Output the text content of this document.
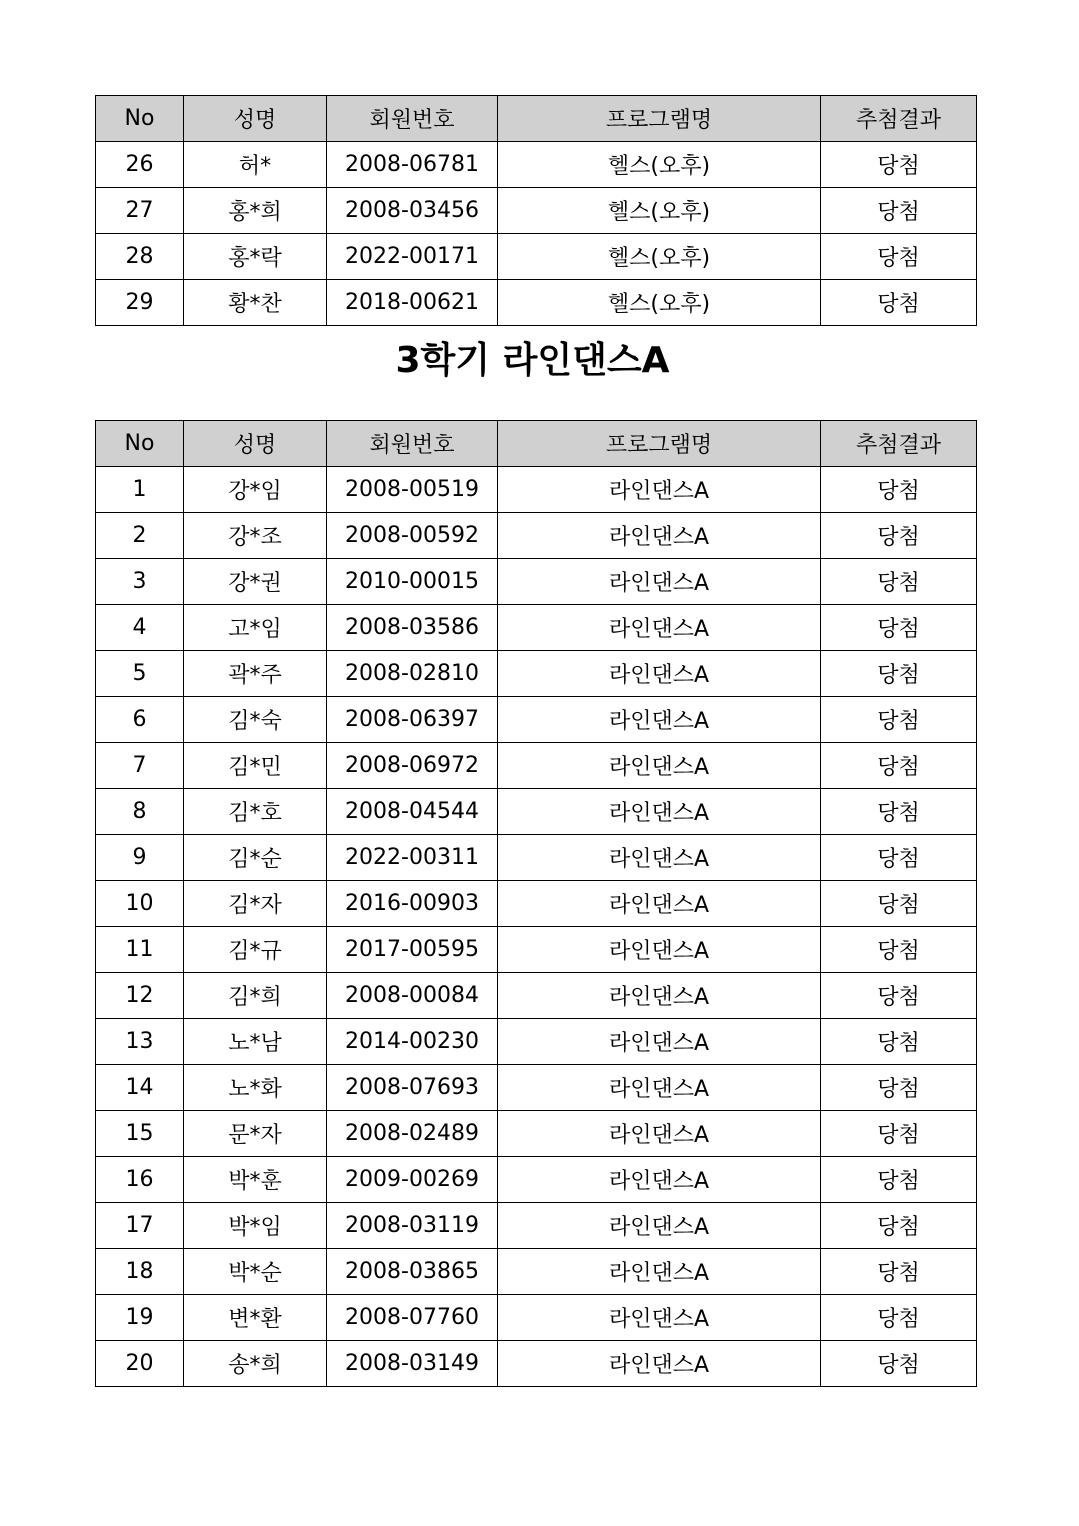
No	성명	회원번호	프로그램명	추첨결과
26	허*	2008-06781	헬스(오후)	당첨
27	홍*희	2008-03456	헬스(오후)	당첨
28	홍*락	2022-00171	헬스(오후)	당첨
29	황*찬	2018-00621	헬스(오후)	당첨
3학기 라인댄스A
No	성명	회원번호	프로그램명	추첨결과
1	강*임	2008-00519	라인댄스A	당첨
2	강*조	2008-00592	라인댄스A	당첨
3	강*권	2010-00015	라인댄스A	당첨
4	고*임	2008-03586	라인댄스A	당첨
5	곽*주	2008-02810	라인댄스A	당첨
6	김*숙	2008-06397	라인댄스A	당첨
7	김*민	2008-06972	라인댄스A	당첨
8	김*호	2008-04544	라인댄스A	당첨
9	김*순	2022-00311	라인댄스A	당첨
10	김*자	2016-00903	라인댄스A	당첨
11	김*규	2017-00595	라인댄스A	당첨
12	김*희	2008-00084	라인댄스A	당첨
13	노*남	2014-00230	라인댄스A	당첨
14	노*화	2008-07693	라인댄스A	당첨
15	문*자	2008-02489	라인댄스A	당첨
16	박*훈	2009-00269	라인댄스A	당첨
17	박*임	2008-03119	라인댄스A	당첨
18	박*순	2008-03865	라인댄스A	당첨
19	변*환	2008-07760	라인댄스A	당첨
20	송*희	2008-03149	라인댄스A	당첨
